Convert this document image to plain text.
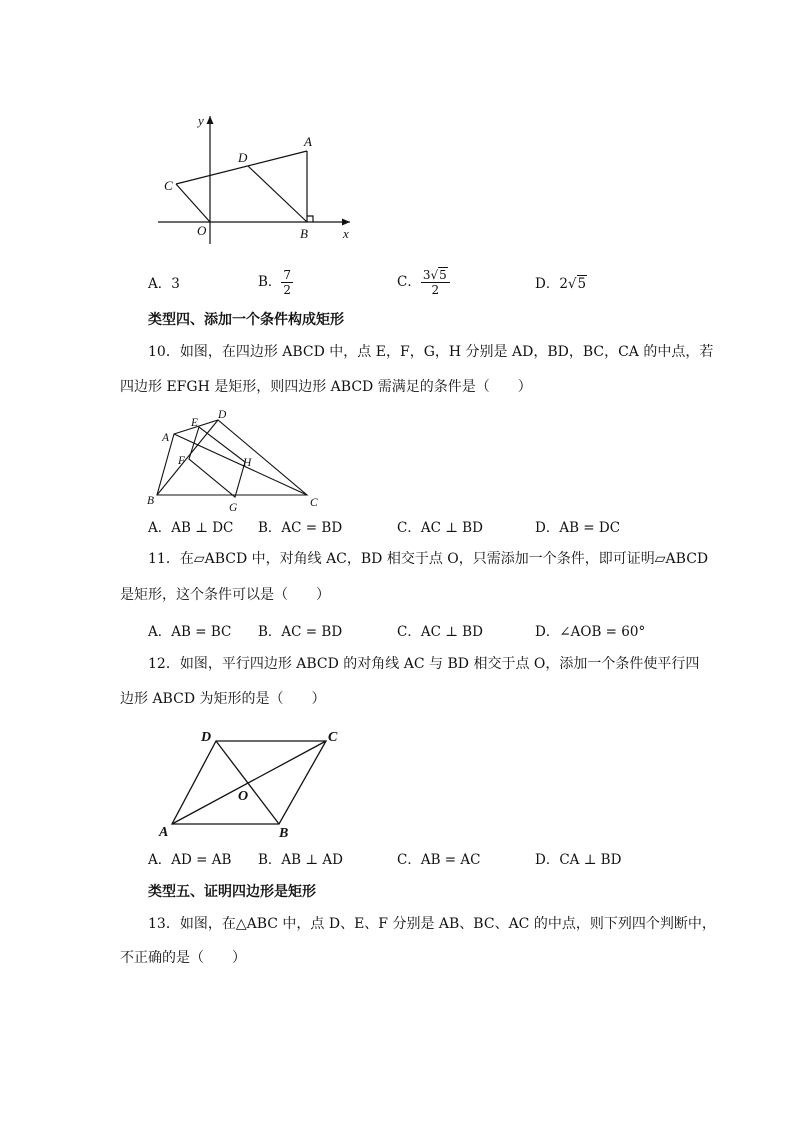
y
A
D
C
O	B	x
A．3	B． $\frac{7}{2}$	C． $\frac{3√5}{2}$	D．2√5
类型四、添加一个条件构成矩形
10．如图，在四边形 ABCD 中，点 E，F，G，H 分别是 AD，BD，BC，CA 的中点，若
四边形 EFGH 是矩形，则四边形 ABCD 需满足的条件是（　　）
A
E
D
F	H
B
G	C
A．AB ⊥ DC B．AC = BD	C．AC ⊥ BD	D．AB = DC
11．在▱ABCD 中，对角线 AC，BD 相交于点 O，只需添加一个条件，即可证明▱ABCD
是矩形，这个条件可以是（　　）
A．AB = BC B．AC = BD	C．AC ⊥ BD	D．∠AOB = 60°
12．如图，平行四边形 ABCD 的对角线 AC 与 BD 相交于点 O，添加一个条件使平行四
边形 ABCD 为矩形的是（　　）
D	C
O
A	B
A．AD = AB B．AB ⊥ AD	C．AB = AC	D．CA ⊥ BD
类型五、证明四边形是矩形
13．如图，在△ABC 中，点 D、E、F 分别是 AB、BC、AC 的中点，则下列四个判断中，
不正确的是（　　）
